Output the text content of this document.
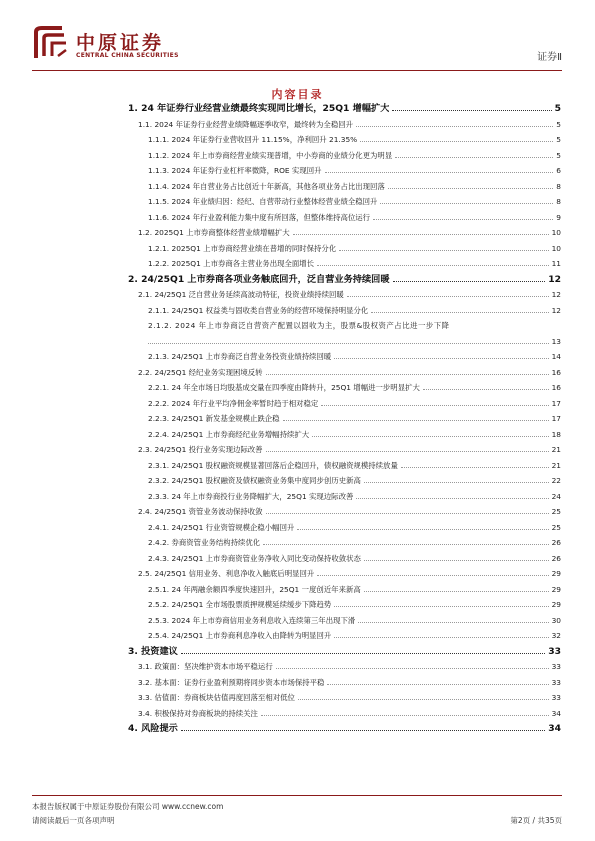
中原证券
CENTRAL CHINA SECURITIES	证券Ⅱ
内容目录
1. 24 年证券行业经营业绩最终实现同比增长，25Q1 增幅扩大	5
1.1. 2024 年证券行业经营业绩降幅逐季收窄，最终转为全稳回升	5
1.1.1. 2024 年证券行业营收回升 11.15%，净利回升 21.35%	5
1.1.2. 2024 年上市券商经营业绩实现普增，中小券商的业绩分化更为明显	5
1.1.3. 2024 年证券行业杠杆率微降，ROE 实现回升	6
1.1.4. 2024 年自营业务占比创近十年新高，其他各项业务占比出现回落	8
1.1.5. 2024 年业绩归因：经纪、自营带动行业整体经营业绩全稳回升	8
1.1.6. 2024 年行业盈利能力集中度有所回落，但整体维持高位运行	9
1.2. 2025Q1 上市券商整体经营业绩增幅扩大	10
1.2.1. 2025Q1 上市券商经营业绩在普增的同时保持分化	10
1.2.2. 2025Q1 上市券商各主营业务出现全面增长	11
2. 24/25Q1 上市券商各项业务触底回升，泛自营业务持续回暖	12
2.1. 24/25Q1 泛自营业务延续高波动特征，投资业绩持续回暖	12
2.1.1. 24/25Q1 权益类与固收类自营业务的经营环境保持明显分化	12
2.1.2. 2024 年上市券商泛自营资产配置以固收为主，股票&股权资产占比进一步下降
13
2.1.3. 24/25Q1 上市券商泛自营业务投资业绩持续回暖	14
2.2. 24/25Q1 经纪业务实现困境反转	16
2.2.1. 24 年全市场日均股基成交量在四季度由降转升，25Q1 增幅进一步明显扩大	16
2.2.2. 2024 年行业平均净佣金率暂时趋于相对稳定	17
2.2.3. 24/25Q1 新发基金规模止跌企稳	17
2.2.4. 24/25Q1 上市券商经纪业务增幅持续扩大	18
2.3. 24/25Q1 投行业务实现边际改善	21
2.3.1. 24/25Q1 股权融资规模显著回落后企稳回升，债权融资规模持续放量	21
2.3.2. 24/25Q1 股权融资及债权融资业务集中度同步创历史新高	22
2.3.3. 24 年上市券商投行业务降幅扩大，25Q1 实现边际改善	24
2.4. 24/25Q1 资管业务波动保持收敛	25
2.4.1. 24/25Q1 行业资管规模企稳小幅回升	25
2.4.2. 券商资管业务结构持续优化	26
2.4.3. 24/25Q1 上市券商资管业务净收入同比变动保持收敛状态	26
2.5. 24/25Q1 信用业务、利息净收入触底后明显回升	29
2.5.1. 24 年两融余额四季度快速回升，25Q1 一度创近年来新高	29
2.5.2. 24/25Q1 全市场股票质押规模延续缓步下降趋势	29
2.5.3. 2024 年上市券商信用业务利息收入连续第三年出现下滑	30
2.5.4. 24/25Q1 上市券商利息净收入由降转为明显回升	32
3. 投资建议	33
3.1. 政策面：坚决维护资本市场平稳运行	33
3.2. 基本面：证券行业盈利预期将同步资本市场保持平稳	33
3.3. 估值面：券商板块估值再度回落至相对低位	33
3.4. 积极保持对券商板块的持续关注	34
4. 风险提示	34
本报告版权属于中原证券股份有限公司 www.ccnew.com
请阅读最后一页各项声明	第2页 / 共35页
